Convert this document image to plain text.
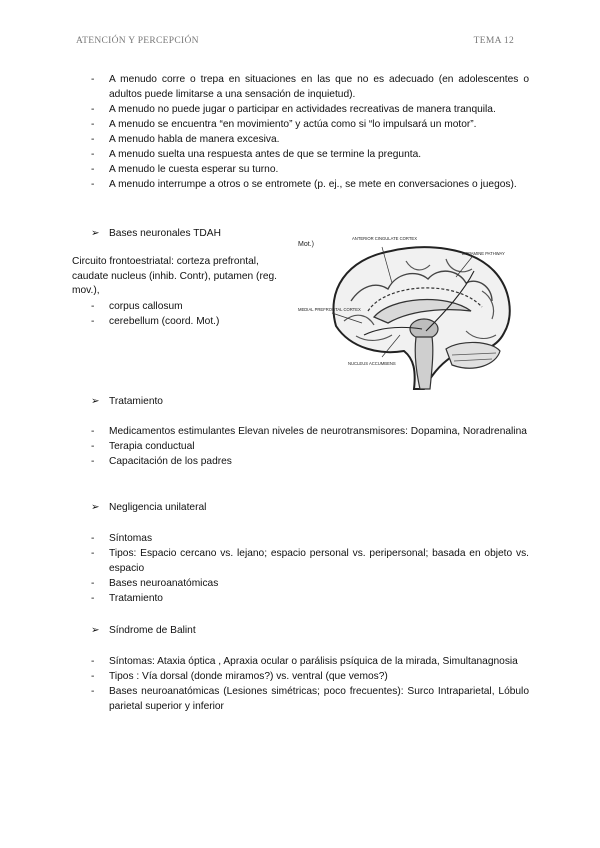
ATENCIÓN Y PERCEPCIÓN	TEMA 12
- A menudo corre o trepa en situaciones en las que no es adecuado (en adolescentes o adultos puede limitarse a una sensación de inquietud).
- A menudo no puede jugar o participar en actividades recreativas de manera tranquila.
- A menudo se encuentra “en movimiento” y actúa como si “lo impulsará un motor”.
- A menudo habla de manera excesiva.
- A menudo suelta una respuesta antes de que se termine la pregunta.
- A menudo le cuesta esperar su turno.
- A menudo interrumpe a otros o se entromete (p. ej., se mete en conversaciones o juegos).
➢ Bases neuronales TDAH
Circuito frontoestriatal: corteza prefrontal, caudate nucleus (inhib. Contr), putamen (reg. mov.),
- corpus callosum
- cerebellum (coord. Mot.)
Mot.)
ANTERIOR CINGULATE CORTEX
DOPAMINE PATHWAY
MEDIAL PREFRONTAL CORTEX
NUCLEUS ACCUMBENS
➢ Tratamiento
- Medicamentos estimulantes Elevan niveles de neurotransmisores: Dopamina, Noradrenalina
- Terapia conductual
- Capacitación de los padres
➢ Negligencia unilateral
- Síntomas
- Tipos: Espacio cercano vs. lejano; espacio personal vs. peripersonal; basada en objeto vs. espacio
- Bases neuroanatómicas
- Tratamiento
➢ Síndrome de Balint
- Síntomas: Ataxia óptica , Apraxia ocular o parálisis psíquica de la mirada, Simultanagnosia
- Tipos : Vía dorsal (donde miramos?) vs. ventral (que vemos?)
- Bases neuroanatómicas (Lesiones simétricas; poco frecuentes): Surco Intraparietal, Lóbulo parietal superior y inferior
